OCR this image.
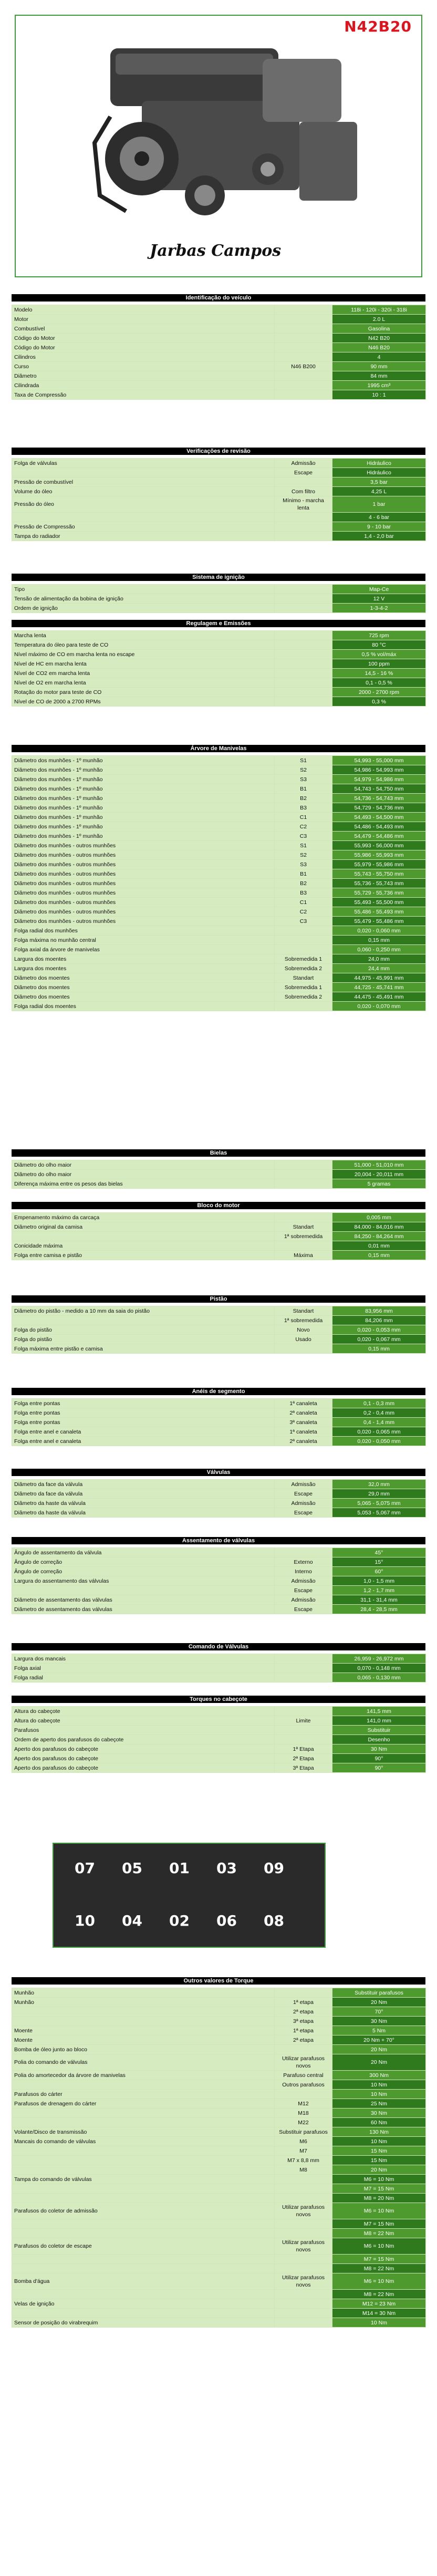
N42B20
Jarbas Campos
Identificação do veículo
Modelo		118i - 120i - 320i - 318i
Motor		2.0 L
Combustível		Gasolina
Código do Motor		N42 B20
Código do Motor		N46 B20
Cilindros		4
Curso	N46 B200	90 mm
Diâmetro		84 mm
Cilindrada		1995 cm³
Taxa de Compressão		10 : 1
Verificações de revisão
Folga de válvulas	Admissão	Hidráulico
	Escape	Hidráulico
Pressão de combustível		3,5 bar
Volume do óleo	Com filtro	4,25 L
Pressão do óleo	Mínimo - marcha lenta	1 bar
		4 - 6 bar
Pressão de Compressão		9 - 10 bar
Tampa do radiador		1,4 - 2,0 bar
Sistema de ignição
Tipo		Map-Ce
Tensão de alimentação da bobina de ignição		12 V
Ordem de ignição		1-3-4-2
Regulagem e Emissões
Marcha lenta		725 rpm
Temperatura do óleo para teste de CO		80 °C
Nível máximo de CO em marcha lenta no escape		0,5 % vol/máx
Nível de HC em marcha lenta		100 ppm
Nível de CO2 em marcha lenta		14,5 - 16 %
Nível de O2 em marcha lenta		0,1 - 0,5 %
Rotação do motor para teste de CO		2000 - 2700 rpm
Nível de CO de 2000 a 2700 RPMs		0,3 %
Árvore de Manivelas
Diâmetro dos munhões - 1º munhão	S1	54,993 - 55,000 mm
Diâmetro dos munhões - 1º munhão	S2	54,986 - 54,993 mm
Diâmetro dos munhões - 1º munhão	S3	54,979 - 54,986 mm
Diâmetro dos munhões - 1º munhão	B1	54,743 - 54,750 mm
Diâmetro dos munhões - 1º munhão	B2	54,736 - 54,743 mm
Diâmetro dos munhões - 1º munhão	B3	54,729 - 54,736 mm
Diâmetro dos munhões - 1º munhão	C1	54,493 - 54,500 mm
Diâmetro dos munhões - 1º munhão	C2	54,486 - 54,493 mm
Diâmetro dos munhões - 1º munhão	C3	54,479 - 54,486 mm
Diâmetro dos munhões - outros munhões	S1	55,993 - 56,000 mm
Diâmetro dos munhões - outros munhões	S2	55,986 - 55,993 mm
Diâmetro dos munhões - outros munhões	S3	55,979 - 55,986 mm
Diâmetro dos munhões - outros munhões	B1	55,743 - 55,750 mm
Diâmetro dos munhões - outros munhões	B2	55,736 - 55,743 mm
Diâmetro dos munhões - outros munhões	B3	55,729 - 55,736 mm
Diâmetro dos munhões - outros munhões	C1	55,493 - 55,500 mm
Diâmetro dos munhões - outros munhões	C2	55,486 - 55,493 mm
Diâmetro dos munhões - outros munhões	C3	55,479 - 55,486 mm
Folga radial dos munhões		0,020 - 0,060 mm
Folga máxima no munhão central		0,15 mm
Folga axial da árvore de manivelas		0,060 - 0,250 mm
Largura dos moentes	Sobremedida 1	24,0 mm
Largura dos moentes	Sobremedida 2	24,4 mm
Diâmetro dos moentes	Standart	44,975 - 45,991 mm
Diâmetro dos moentes	Sobremedida 1	44,725 - 45,741 mm
Diâmetro dos moentes	Sobremedida 2	44,475 - 45,491 mm
Folga radial dos moentes		0,020 - 0,070 mm
Bielas
Diâmetro do olho maior		51,000 - 51,010 mm
Diâmetro do olho maior		20,004 - 20,011 mm
Diferença máxima entre os pesos das bielas		5 gramas
Bloco do motor
Empenamento máximo da carcaça		0,005 mm
Diâmetro original da camisa	Standart	84,000 - 84,016 mm
	1ª sobremedida	84,250 - 84,264 mm
Conicidade máxima		0,01 mm
Folga entre camisa e pistão	Máxima	0,15 mm
Pistão
Diâmetro do pistão - medido a 10 mm da saia do pistão	Standart	83,956 mm
	1ª sobremedida	84,206 mm
Folga do pistão	Novo	0,020 - 0,053 mm
Folga do pistão	Usado	0,020 - 0,067 mm
Folga máxima entre pistão e camisa		0,15 mm
Anéis de segmento
Folga entre pontas	1ª canaleta	0,1 - 0,3 mm
Folga entre pontas	2ª canaleta	0,2 - 0,4 mm
Folga entre pontas	3ª canaleta	0,4 - 1,4 mm
Folga entre anel e canaleta	1ª canaleta	0,020 - 0,065 mm
Folga entre anel e canaleta	2ª canaleta	0,020 - 0,050 mm
Válvulas
Diâmetro da face da válvula	Admissão	32,0 mm
Diâmetro da face da válvula	Escape	29,0 mm
Diâmetro da haste da válvula	Admissão	5,065 - 5,075 mm
Diâmetro da haste da válvula	Escape	5,053 - 5,067 mm
Assentamento de válvulas
Ângulo de assentamento da válvula		45°
Ângulo de correção	Externo	15°
Ângulo de correção	Interno	60°
Largura do assentamento das válvulas	Admissão	1,0 - 1,5 mm
	Escape	1,2 - 1,7 mm
Diâmetro de assentamento das válvulas	Admissão	31,1 - 31,4 mm
Diâmetro de assentamento das válvulas	Escape	28,4 - 28,5 mm
Comando de Válvulas
Largura dos mancais		26,959 - 26,972 mm
Folga axial		0,070 - 0,148 mm
Folga radial		0,065 - 0,130 mm
Torques no cabeçote
Altura do cabeçote		141,5 mm
Altura do cabeçote	Limite	141,0 mm
Parafusos		Substituir
Ordem de aperto dos parafusos do cabeçote		Desenho
Aperto dos parafusos do cabeçote	1ª Etapa	30 Nm
Aperto dos parafusos do cabeçote	2ª Etapa	90°
Aperto dos parafusos do cabeçote	3ª Etapa	90°
Outros valores de Torque
Munhão		Substituir parafusos
Munhão	1ª etapa	20 Nm
	2ª etapa	70°
	3ª etapa	30 Nm
Moente	1ª etapa	5 Nm
Moente	2ª etapa	20 Nm + 70°
Bomba de óleo junto ao bloco		20 Nm
Polia do comando de válvulas	Utilizar parafusos novos	20 Nm
Polia do amortecedor da árvore de manivelas	Parafuso central	300 Nm
	Outros parafusos	10 Nm
Parafusos do cárter		10 Nm
Parafusos de drenagem do cárter	M12	25 Nm
	M18	30 Nm
	M22	60 Nm
Volante/Disco de transmissão	Substituir parafusos	130 Nm
Mancais do comando de válvulas	M6	10 Nm
	M7	15 Nm
	M7 x 8,8 mm	15 Nm
	M8	20 Nm
Tampa do comando de válvulas		M6 = 10 Nm
		M7 = 15 Nm
		M8 = 20 Nm
Parafusos do coletor de admissão	Utilizar parafusos novos	M6 = 10 Nm
		M7 = 15 Nm
		M8 = 22 Nm
Parafusos do coletor de escape	Utilizar parafusos novos	M6 = 10 Nm
		M7 = 15 Nm
		M8 = 22 Nm
Bomba d'água	Utilizar parafusos novos	M6 = 10 Nm
		M8 = 22 Nm
Velas de ignição		M12 = 23 Nm
		M14 = 30 Nm
Sensor de posição do virabrequim		10 Nm
07 05 01 03 09
10 04 02 06 08
